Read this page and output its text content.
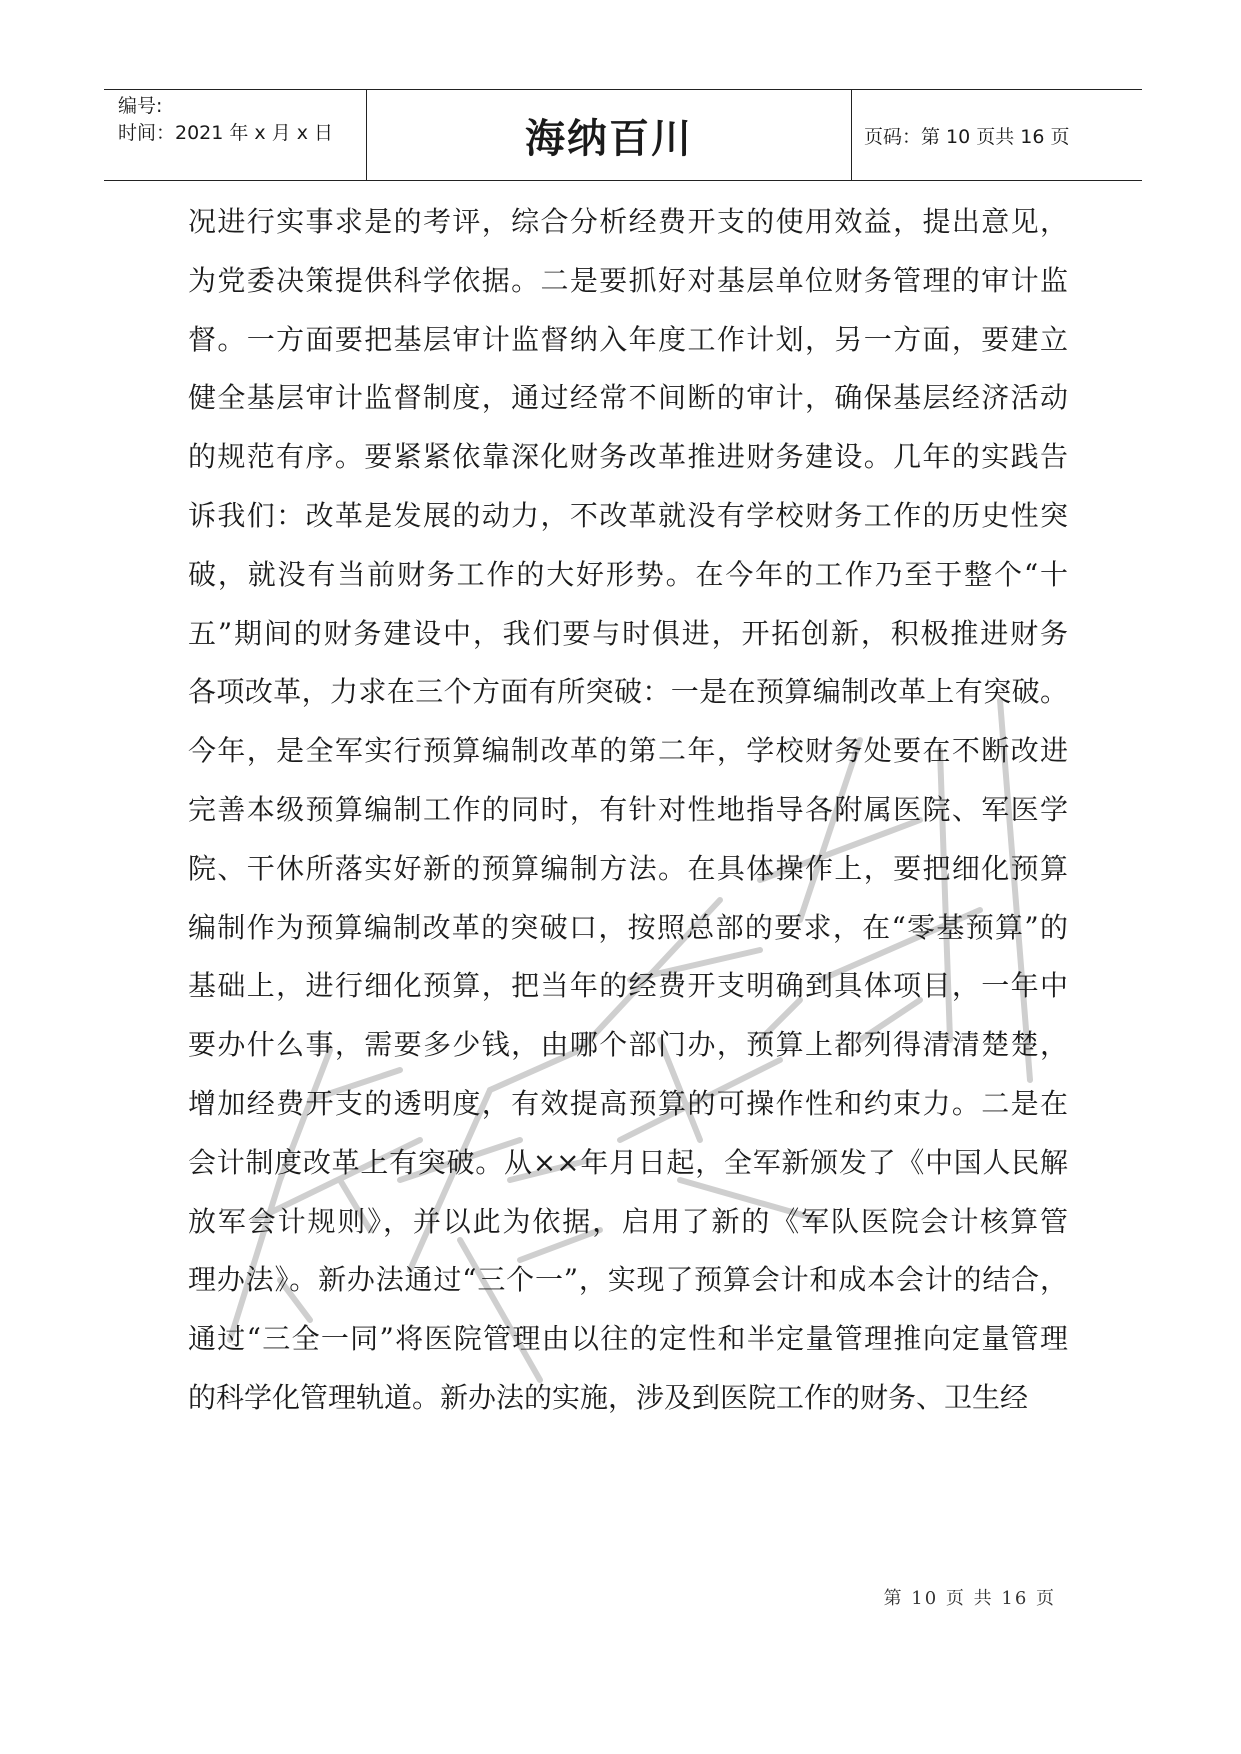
编号:
时间：2021 年 x 月 x 日	海纳百川	页码：第 10 页共 16 页
况进行实事求是的考评，综合分析经费开支的使用效益，提出意见，
为党委决策提供科学依据。二是要抓好对基层单位财务管理的审计监
督。一方面要把基层审计监督纳入年度工作计划，另一方面，要建立
健全基层审计监督制度，通过经常不间断的审计，确保基层经济活动
的规范有序。要紧紧依靠深化财务改革推进财务建设。几年的实践告
诉我们：改革是发展的动力，不改革就没有学校财务工作的历史性突
破，就没有当前财务工作的大好形势。在今年的工作乃至于整个“十
五”期间的财务建设中，我们要与时俱进，开拓创新，积极推进财务
各项改革，力求在三个方面有所突破：一是在预算编制改革上有突破。
今年，是全军实行预算编制改革的第二年，学校财务处要在不断改进
完善本级预算编制工作的同时，有针对性地指导各附属医院、军医学
院、干休所落实好新的预算编制方法。在具体操作上，要把细化预算
编制作为预算编制改革的突破口，按照总部的要求，在“零基预算”的
基础上，进行细化预算，把当年的经费开支明确到具体项目，一年中
要办什么事，需要多少钱，由哪个部门办，预算上都列得清清楚楚，
增加经费开支的透明度，有效提高预算的可操作性和约束力。二是在
会计制度改革上有突破。从××年月日起，全军新颁发了《中国人民解
放军会计规则》，并以此为依据，启用了新的《军队医院会计核算管
理办法》。新办法通过“三个一”，实现了预算会计和成本会计的结合，
通过“三全一同”将医院管理由以往的定性和半定量管理推向定量管理
的科学化管理轨道。新办法的实施，涉及到医院工作的财务、卫生经
第 10 页 共 16 页
